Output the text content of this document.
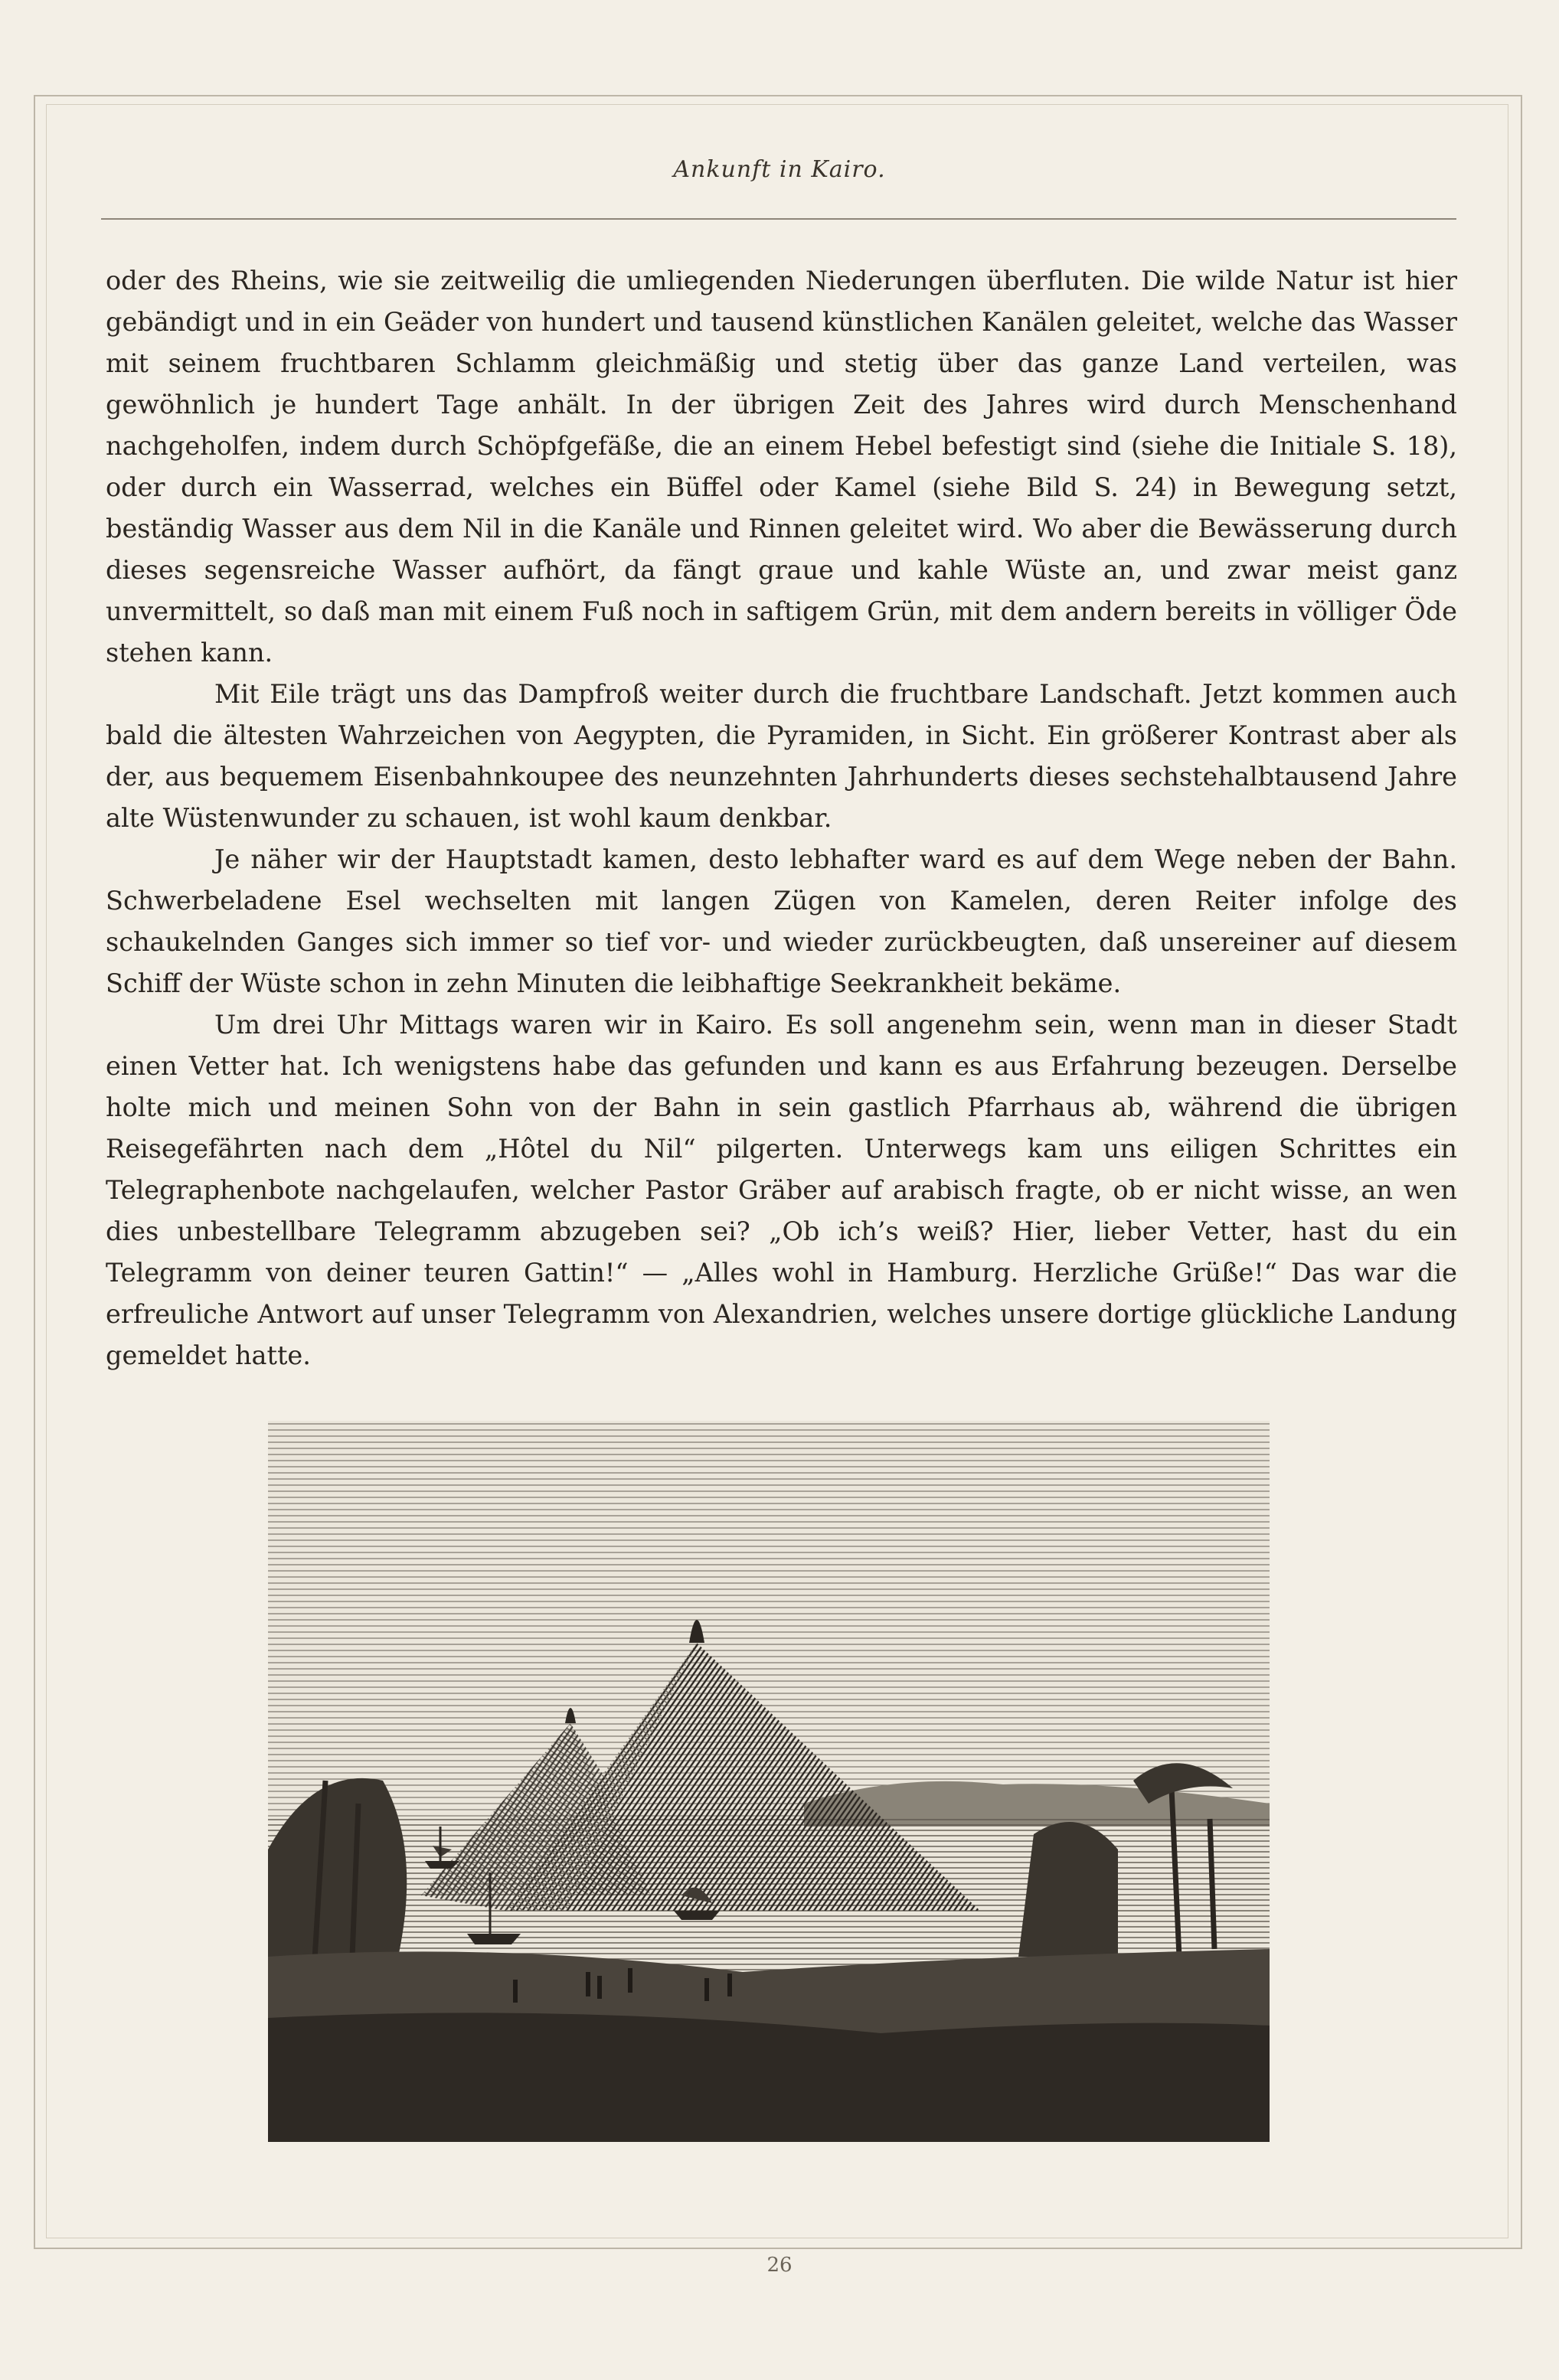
Ankunft in Kairo.

oder des Rheins, wie sie zeitweilig die umliegenden Niederungen überfluten. Die wilde Natur ist hier gebändigt und in ein Geäder von hundert und tausend künstlichen Kanälen geleitet, welche das Wasser mit seinem fruchtbaren Schlamm gleichmäßig und stetig über das ganze Land verteilen, was gewöhnlich je hundert Tage anhält. In der übrigen Zeit des Jahres wird durch Menschenhand nachgeholfen, indem durch Schöpfgefäße, die an einem Hebel befestigt sind (siehe die Initiale S. 18), oder durch ein Wasserrad, welches ein Büffel oder Kamel (siehe Bild S. 24) in Bewegung setzt, beständig Wasser aus dem Nil in die Kanäle und Rinnen geleitet wird. Wo aber die Bewässerung durch dieses segensreiche Wasser aufhört, da fängt graue und kahle Wüste an, und zwar meist ganz unvermittelt, so daß man mit einem Fuß noch in saftigem Grün, mit dem andern bereits in völliger Öde stehen kann.

Mit Eile trägt uns das Dampfroß weiter durch die fruchtbare Landschaft. Jetzt kommen auch bald die ältesten Wahrzeichen von Aegypten, die Pyramiden, in Sicht. Ein größerer Kontrast aber als der, aus bequemem Eisenbahnkoupee des neunzehnten Jahrhunderts dieses sechstehalbtausend Jahre alte Wüstenwunder zu schauen, ist wohl kaum denkbar.

Je näher wir der Hauptstadt kamen, desto lebhafter ward es auf dem Wege neben der Bahn. Schwerbeladene Esel wechselten mit langen Zügen von Kamelen, deren Reiter infolge des schaukelnden Ganges sich immer so tief vor- und wieder zurückbeugten, daß unsereiner auf diesem Schiff der Wüste schon in zehn Minuten die leibhaftige Seekrankheit bekäme.

Um drei Uhr Mittags waren wir in Kairo. Es soll angenehm sein, wenn man in dieser Stadt einen Vetter hat. Ich wenigstens habe das gefunden und kann es aus Erfahrung bezeugen. Derselbe holte mich und meinen Sohn von der Bahn in sein gastlich Pfarrhaus ab, während die übrigen Reisegefährten nach dem „Hôtel du Nil“ pilgerten. Unterwegs kam uns eiligen Schrittes ein Telegraphenbote nachgelaufen, welcher Pastor Gräber auf arabisch fragte, ob er nicht wisse, an wen dies unbestellbare Telegramm abzugeben sei? „Ob ich’s weiß? Hier, lieber Vetter, hast du ein Telegramm von deiner teuren Gattin!“ — „Alles wohl in Hamburg. Herzliche Grüße!“ Das war die erfreuliche Antwort auf unser Telegramm von Alexandrien, welches unsere dortige glückliche Landung gemeldet hatte.

26
